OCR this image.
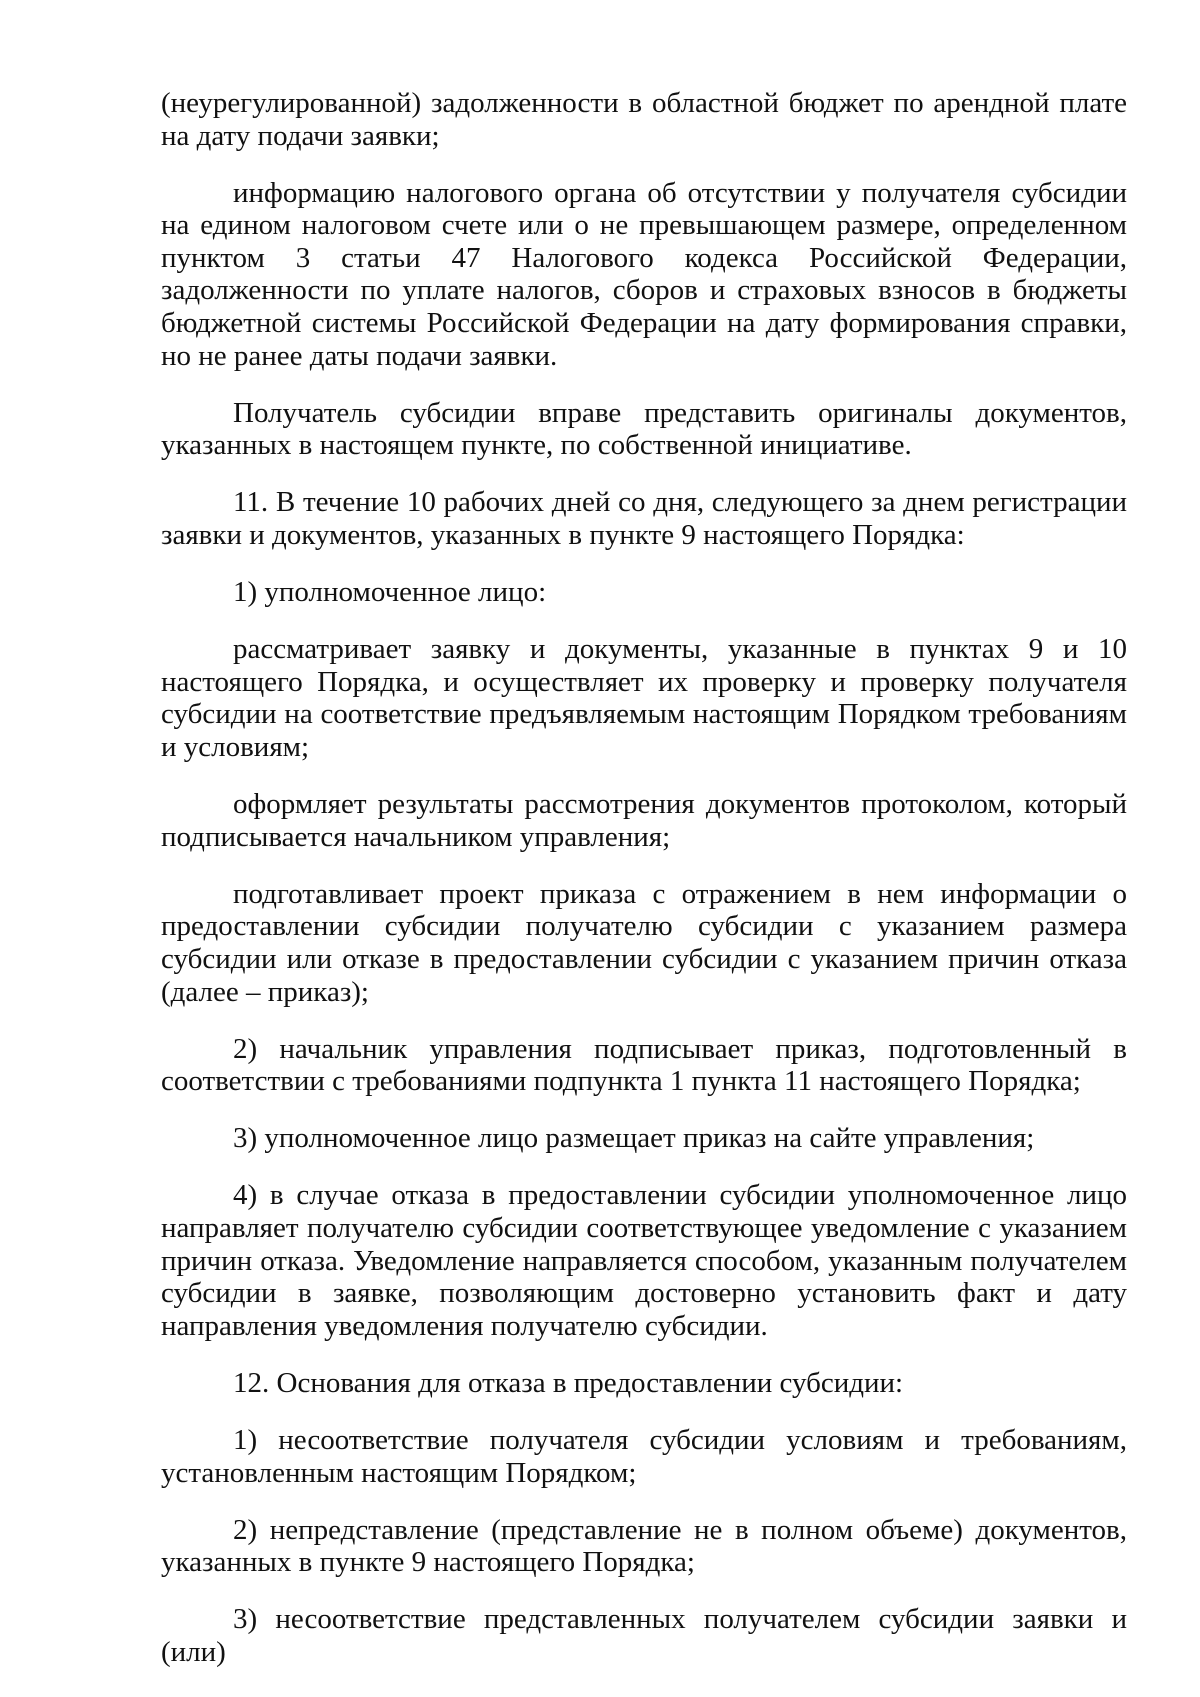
(неурегулированной) задолженности в областной бюджет по арендной плате на дату подачи заявки;

информацию налогового органа об отсутствии у получателя субсидии на едином налоговом счете или о не превышающем размере, определенном пунктом 3 статьи 47 Налогового кодекса Российской Федерации, задолженности по уплате налогов, сборов и страховых взносов в бюджеты бюджетной системы Российской Федерации на дату формирования справки, но не ранее даты подачи заявки.

Получатель субсидии вправе представить оригиналы документов, указанных в настоящем пункте, по собственной инициативе.

11. В течение 10 рабочих дней со дня, следующего за днем регистрации заявки и документов, указанных в пункте 9 настоящего Порядка:

1) уполномоченное лицо:

рассматривает заявку и документы, указанные в пунктах 9 и 10 настоящего Порядка, и осуществляет их проверку и проверку получателя субсидии на соответствие предъявляемым настоящим Порядком требованиям и условиям;

оформляет результаты рассмотрения документов протоколом, который подписывается начальником управления;

подготавливает проект приказа с отражением в нем информации о предоставлении субсидии получателю субсидии с указанием размера субсидии или отказе в предоставлении субсидии с указанием причин отказа (далее – приказ);

2) начальник управления подписывает приказ, подготовленный в соответствии с требованиями подпункта 1 пункта 11 настоящего Порядка;

3) уполномоченное лицо размещает приказ на сайте управления;

4) в случае отказа в предоставлении субсидии уполномоченное лицо направляет получателю субсидии соответствующее уведомление с указанием причин отказа. Уведомление направляется способом, указанным получателем субсидии в заявке, позволяющим достоверно установить факт и дату направления уведомления получателю субсидии.

12. Основания для отказа в предоставлении субсидии:

1) несоответствие получателя субсидии условиям и требованиям, установленным настоящим Порядком;

2) непредставление (представление не в полном объеме) документов, указанных в пункте 9 настоящего Порядка;

3) несоответствие представленных получателем субсидии заявки и (или)
